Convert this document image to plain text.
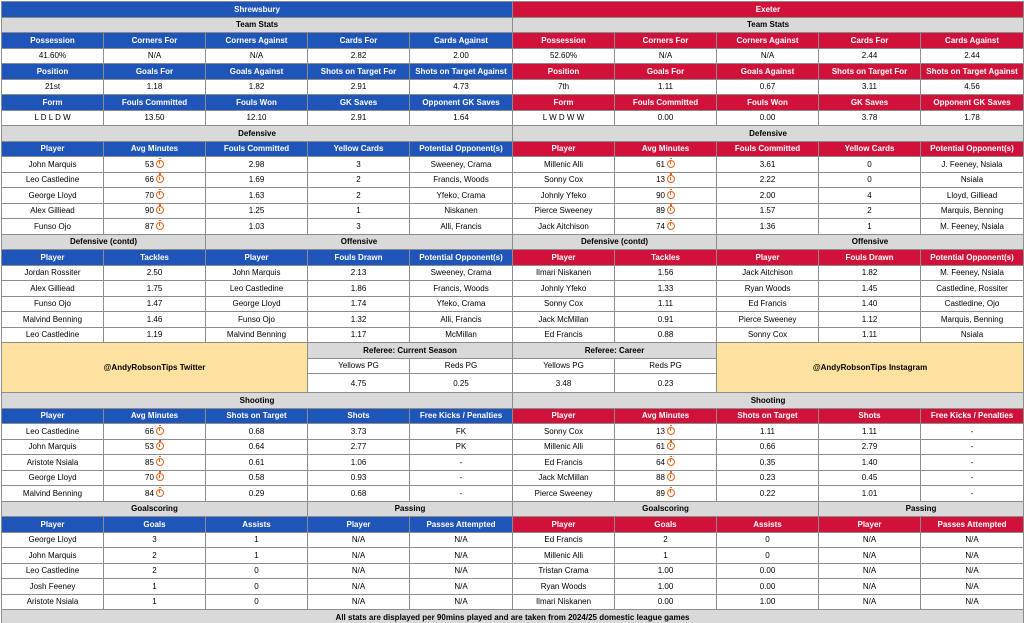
Shrewsbury					Exeter				
Team Stats					Team Stats				
Possession	Corners For	Corners Against	Cards For	Cards Against	Possession	Corners For	Corners Against	Cards For	Cards Against
41.60%	N/A	N/A	2.82	2.00	52.60%	N/A	N/A	2.44	2.44
Position	Goals For	Goals Against	Shots on Target For	Shots on Target Against	Position	Goals For	Goals Against	Shots on Target For	Shots on Target Against
21st	1.18	1.82	2.91	4.73	7th	1.11	0.67	3.11	4.56
Form	Fouls Committed	Fouls Won	GK Saves	Opponent GK Saves	Form	Fouls Committed	Fouls Won	GK Saves	Opponent GK Saves
L D L D W	13.50	12.10	2.91	1.64	L W D W W	0.00	0.00	3.78	1.78
Defensive					Defensive				
Player	Avg Minutes	Fouls Committed	Yellow Cards	Potential Opponent(s)	Player	Avg Minutes	Fouls Committed	Yellow Cards	Potential Opponent(s)
John Marquis	53	2.98	3	Sweeney, Crama	Millenic Alli	61	3.61	0	J. Feeney, Nsiala
Leo Castledine	66	1.69	2	Francis, Woods	Sonny Cox	13	2.22	0	Nsiala
George Lloyd	70	1.63	2	Yfeko, Crama	Johnly Yfeko	90	2.00	4	Lloyd, Gilliead
Alex Gilliead	90	1.25	1	Niskanen	Pierce Sweeney	89	1.57	2	Marquis, Benning
Funso Ojo	87	1.03	3	Alli, Francis	Jack Aitchison	74	1.36	1	M. Feeney, Nsiala
Defensive (contd)		Offensive			Defensive (contd)		Offensive		
Player	Tackles	Player	Fouls Drawn	Potential Opponent(s)	Player	Tackles	Player	Fouls Drawn	Potential Opponent(s)
Jordan Rossiter	2.50	John Marquis	2.13	Sweeney, Crama	Ilmari Niskanen	1.56	Jack Aitchison	1.82	M. Feeney, Nsiala
Alex Gilliead	1.75	Leo Castledine	1.86	Francis, Woods	Johnly Yfeko	1.33	Ryan Woods	1.45	Castledine, Rossiter
Funso Ojo	1.47	George Lloyd	1.74	Yfeko, Crama	Sonny Cox	1.11	Ed Francis	1.40	Castledine, Ojo
Malvind Benning	1.46	Funso Ojo	1.32	Alli, Francis	Jack McMillan	0.91	Pierce Sweeney	1.12	Marquis, Benning
Leo Castledine	1.19	Malvind Benning	1.17	McMillan	Ed Francis	0.88	Sonny Cox	1.11	Nsiala
@AndyRobsonTips Twitter			Referee: Current Season		Referee: Career		@AndyRobsonTips Instagram		
			Yellows PG	Reds PG	Yellows PG	Reds PG			
			4.75	0.25	3.48	0.23			
Shooting					Shooting				
Player	Avg Minutes	Shots on Target	Shots	Free Kicks / Penalties	Player	Avg Minutes	Shots on Target	Shots	Free Kicks / Penalties
Leo Castledine	66	0.68	3.73	FK	Sonny Cox	13	1.11	1.11	-
John Marquis	53	0.64	2.77	PK	Millenic Alli	61	0.66	2.79	-
Aristote Nsiala	85	0.61	1.06	-	Ed Francis	64	0.35	1.40	-
George Lloyd	70	0.58	0.93	-	Jack McMillan	88	0.23	0.45	-
Malvind Benning	84	0.29	0.68	-	Pierce Sweeney	89	0.22	1.01	-
Goalscoring			Passing		Goalscoring			Passing	
Player	Goals	Assists	Player	Passes Attempted	Player	Goals	Assists	Player	Passes Attempted
George Lloyd	3	1	N/A	N/A	Ed Francis	2	0	N/A	N/A
John Marquis	2	1	N/A	N/A	Millenic Alli	1	0	N/A	N/A
Leo Castledine	2	0	N/A	N/A	Tristan Crama	1.00	0.00	N/A	N/A
Josh Feeney	1	0	N/A	N/A	Ryan Woods	1.00	0.00	N/A	N/A
Aristote Nsiala	1	0	N/A	N/A	Ilmari Niskanen	0.00	1.00	N/A	N/A
All stats are displayed per 90mins played and are taken from 2024/25 domestic league games									
